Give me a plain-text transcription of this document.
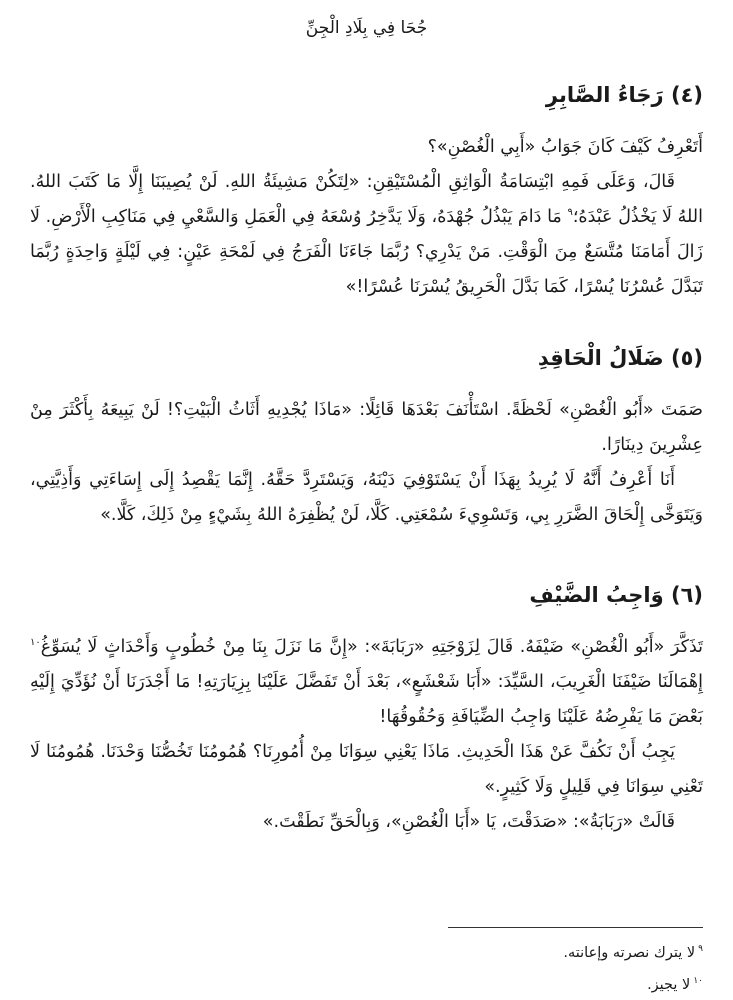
جُحَا فِي بِلَادِ الْجِنِّ
(٤) رَجَاءُ الصَّابِرِ

أَتَعْرِفُ كَيْفَ كَانَ جَوَابُ «أَبِي الْغُصْنِ»؟

قَالَ، وَعَلَى فَمِهِ ابْتِسَامَةُ الْوَاثِقِ الْمُسْتَيْقِنِ: «لِتَكُنْ مَشِيئَةُ اللهِ. لَنْ يُصِيبَنَا إِلَّا مَا كَتَبَ اللهُ. اللهُ لَا يَخْذُلُ عَبْدَهُ؛$^٩$ مَا دَامَ يَبْذُلُ جُهْدَهُ، وَلَا يَدَّخِرُ وُسْعَهُ فِي الْعَمَلِ وَالسَّعْيِ فِي مَنَاكِبِ الْأَرْضِ. لَا زَالَ أَمَامَنَا مُتَّسَعٌ مِنَ الْوَقْتِ. مَنْ يَدْرِي؟ رُبَّمَا جَاءَنَا الْفَرَجُ فِي لَمْحَةِ عَيْنٍ: فِي لَيْلَةٍ وَاحِدَةٍ رُبَّمَا تَبَدَّلَ عُسْرُنَا يُسْرًا، كَمَا بَدَّلَ الْحَرِيقُ يُسْرَنَا عُسْرًا!»

(٥) ضَلَالُ الْحَاقِدِ

صَمَتَ «أَبُو الْغُصْنِ» لَحْظَةً. اسْتَأْنَفَ بَعْدَهَا قَائِلًا: «مَاذَا يُجْدِيهِ أَثَاثُ الْبَيْتِ؟! لَنْ يَبِيعَهُ بِأَكْثَرَ مِنْ عِشْرِينَ دِينَارًا.

أَنَا أَعْرِفُ أَنَّهُ لَا يُرِيدُ بِهَذَا أَنْ يَسْتَوْفِيَ دَيْنَهُ، وَيَسْتَرِدَّ حَقَّهُ. إِنَّمَا يَقْصِدُ إِلَى إِسَاءَتِي وَأَذِيَّتِي، وَيَتَوَخَّى إِلْحَاقَ الضَّرَرِ بِي، وَتَسْوِيءَ سُمْعَتِي. كَلَّا، لَنْ يُظْفِرَهُ اللهُ بِشَيْءٍ مِنْ ذَلِكَ، كَلَّا.»

(٦) وَاجِبُ الضَّيْفِ

تَذَكَّرَ «أَبُو الْغُصْنِ» ضَيْفَهُ. قَالَ لِزَوْجَتِهِ «رَبَابَةَ»: «إِنَّ مَا نَزَلَ بِنَا مِنْ خُطُوبٍ وَأَحْدَاثٍ لَا يُسَوِّغُ$^{١٠}$ إِهْمَالَنَا ضَيْفَنَا الْغَرِيبَ، السَّيِّدَ: «أَبَا شَعْشَعٍ»، بَعْدَ أَنْ تَفَضَّلَ عَلَيْنَا بِزِيَارَتِهِ! مَا أَجْدَرَنَا أَنْ نُؤَدِّيَ إِلَيْهِ بَعْضَ مَا يَفْرِضُهُ عَلَيْنَا وَاجِبُ الضِّيَافَةِ وَحُقُوقُهَا!

يَجِبُ أَنْ نَكُفَّ عَنْ هَذَا الْحَدِيثِ. مَاذَا يَعْنِي سِوَانَا مِنْ أُمُورِنَا؟ هُمُومُنَا تَخُصُّنَا وَحْدَنَا. هُمُومُنَا لَا تَعْنِي سِوَانَا فِي قَلِيلٍ وَلَا كَثِيرٍ.»

قَالَتْ «رَبَابَةُ»: «صَدَقْتَ، يَا «أَبَا الْغُصْنِ»، وَبِالْحَقِّ نَطَقْتَ.»

$^٩$لا يترك نصرته وإعانته.

$^{١٠}$لا يجيز.
